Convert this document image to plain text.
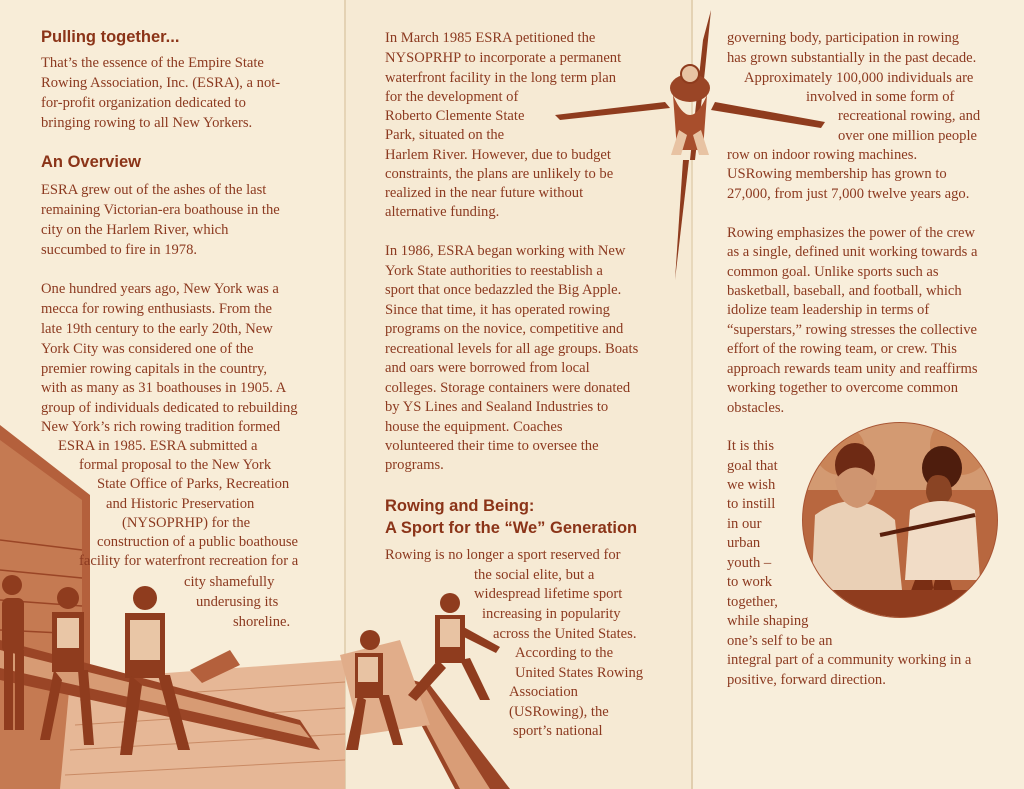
Pulling together...
That’s the essence of the Empire State
Rowing Association, Inc. (ESRA), a not-
for-profit organization dedicated to
bringing rowing to all New Yorkers.
An Overview
ESRA grew out of the ashes of the last
remaining Victorian-era boathouse in the
city on the Harlem River, which
succumbed to fire in 1978.
One hundred years ago, New York was a
mecca for rowing enthusiasts. From the
late 19th century to the early 20th, New
York City was considered one of the
premier rowing capitals in the country,
with as many as 31 boathouses in 1905. A
group of individuals dedicated to rebuilding
New York’s rich rowing tradition formed
ESRA in 1985. ESRA submitted a
formal proposal to the New York
State Office of Parks, Recreation
and Historic Preservation
(NYSOPRHP) for the
construction of a public boathouse
facility for waterfront recreation for a
city shamefully
underusing its
shoreline.
In March 1985 ESRA petitioned the
NYSOPRHP to incorporate a permanent
waterfront facility in the long term plan
for the development of
Roberto Clemente State
Park, situated on the
Harlem River. However, due to budget
constraints, the plans are unlikely to be
realized in the near future without
alternative funding.
In 1986, ESRA began working with New
York State authorities to reestablish a
sport that once bedazzled the Big Apple.
Since that time, it has operated rowing
programs on the novice, competitive and
recreational levels for all age groups. Boats
and oars were borrowed from local
colleges. Storage containers were donated
by YS Lines and Sealand Industries to
house the equipment. Coaches
volunteered their time to oversee the
programs.
Rowing and Being:
A Sport for the “We” Generation
Rowing is no longer a sport reserved for
the social elite, but a
widespread lifetime sport
increasing in popularity
across the United States.
According to the
United States Rowing
Association
(USRowing), the
sport’s national
governing body, participation in rowing
has grown substantially in the past decade.
Approximately 100,000 individuals are
involved in some form of
recreational rowing, and
over one million people
row on indoor rowing machines.
USRowing membership has grown to
27,000, from just 7,000 twelve years ago.
Rowing emphasizes the power of the crew
as a single, defined unit working towards a
common goal. Unlike sports such as
basketball, baseball, and football, which
idolize team leadership in terms of
“superstars,” rowing stresses the collective
effort of the rowing team, or crew. This
approach rewards team unity and reaffirms
working together to overcome common
obstacles.
It is this
goal that
we wish
to instill
in our
urban
youth –
to work
together,
while shaping
one’s self to be an
integral part of a community working in a
positive, forward direction.
